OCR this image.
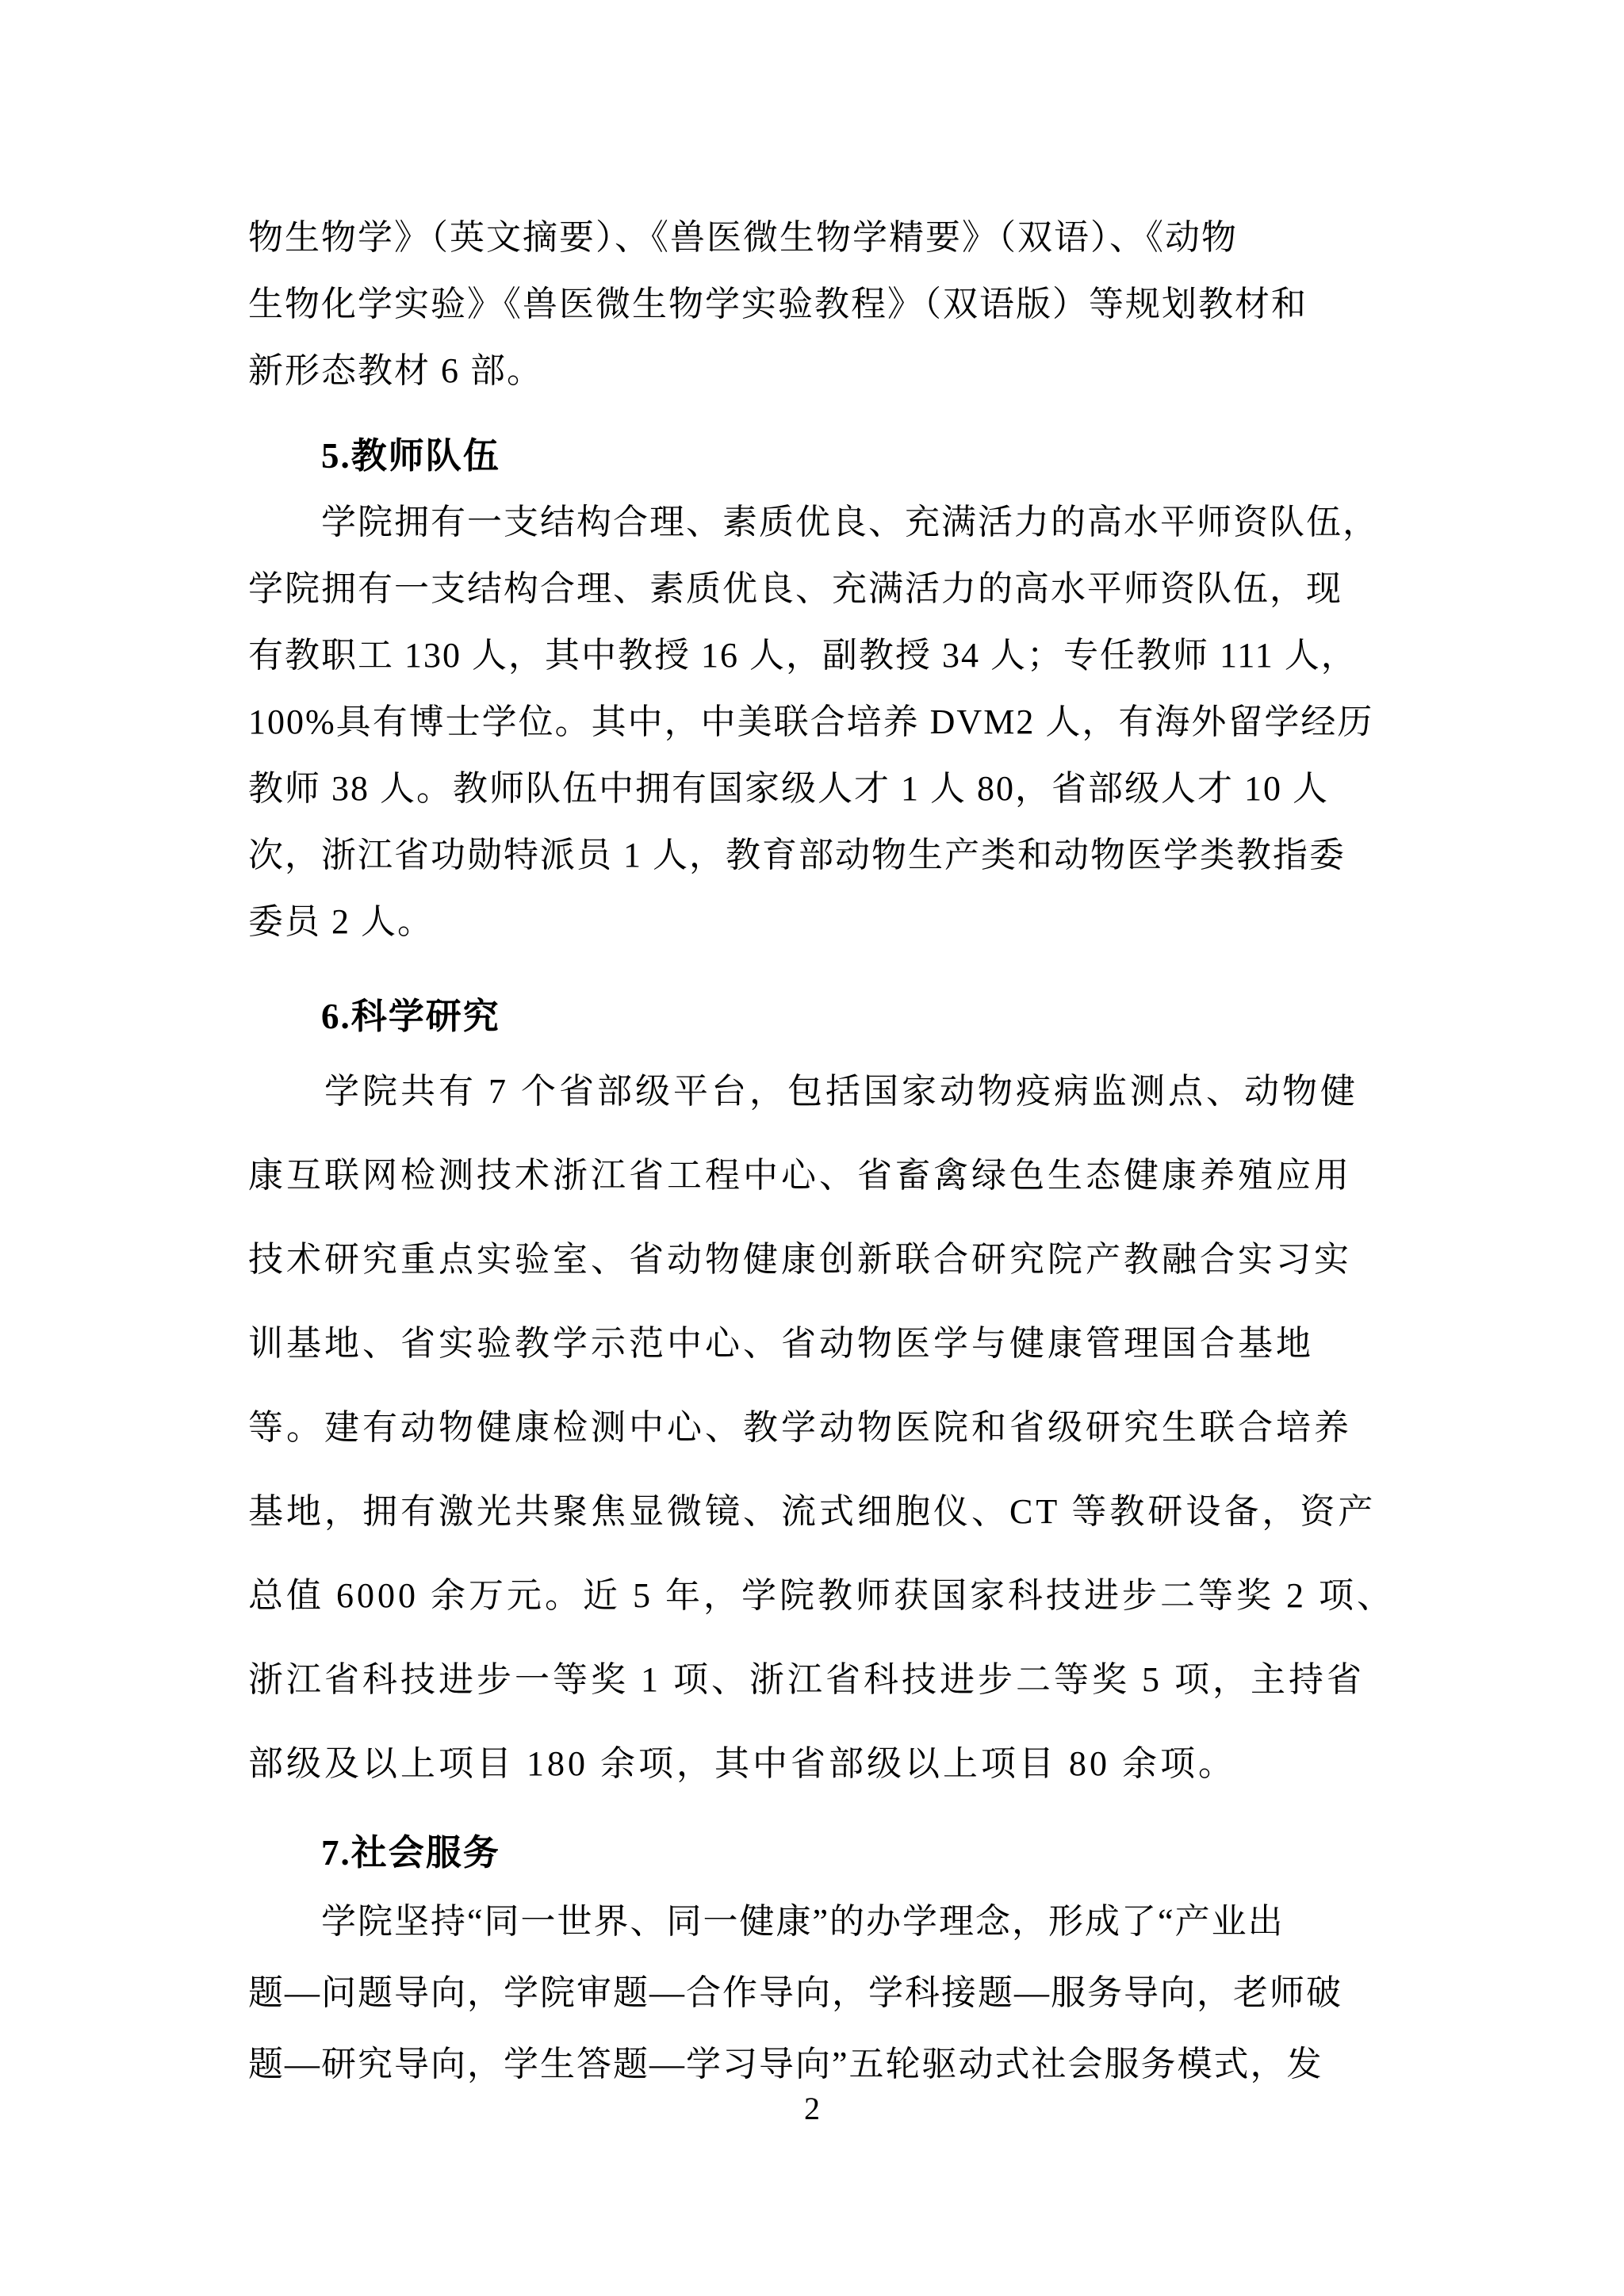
物生物学》（英文摘要）、《兽医微生物学精要》（双语）、《动物
生物化学实验》《兽医微生物学实验教程》（双语版）等规划教材和
新形态教材 6 部。
5.教师队伍
学院拥有一支结构合理、素质优良、充满活力的高水平师资队伍，
学院拥有一支结构合理、素质优良、充满活力的高水平师资队伍，现
有教职工 130 人，其中教授 16 人，副教授 34 人；专任教师 111 人，
100%具有博士学位。其中，中美联合培养 DVM2 人，有海外留学经历
教师 38 人。教师队伍中拥有国家级人才 1 人 80，省部级人才 10 人
次，浙江省功勋特派员 1 人，教育部动物生产类和动物医学类教指委
委员 2 人。
6.科学研究
学院共有 7 个省部级平台，包括国家动物疫病监测点、动物健
康互联网检测技术浙江省工程中心、省畜禽绿色生态健康养殖应用
技术研究重点实验室、省动物健康创新联合研究院产教融合实习实
训基地、省实验教学示范中心、省动物医学与健康管理国合基地
等。建有动物健康检测中心、教学动物医院和省级研究生联合培养
基地，拥有激光共聚焦显微镜、流式细胞仪、CT 等教研设备，资产
总值 6000 余万元。近 5 年，学院教师获国家科技进步二等奖 2 项、
浙江省科技进步一等奖 1 项、浙江省科技进步二等奖 5 项，主持省
部级及以上项目 180 余项，其中省部级以上项目 80 余项。
7.社会服务
学院坚持“同一世界、同一健康”的办学理念，形成了“产业出
题—问题导向，学院审题—合作导向，学科接题—服务导向，老师破
题—研究导向，学生答题—学习导向”五轮驱动式社会服务模式，发
2
